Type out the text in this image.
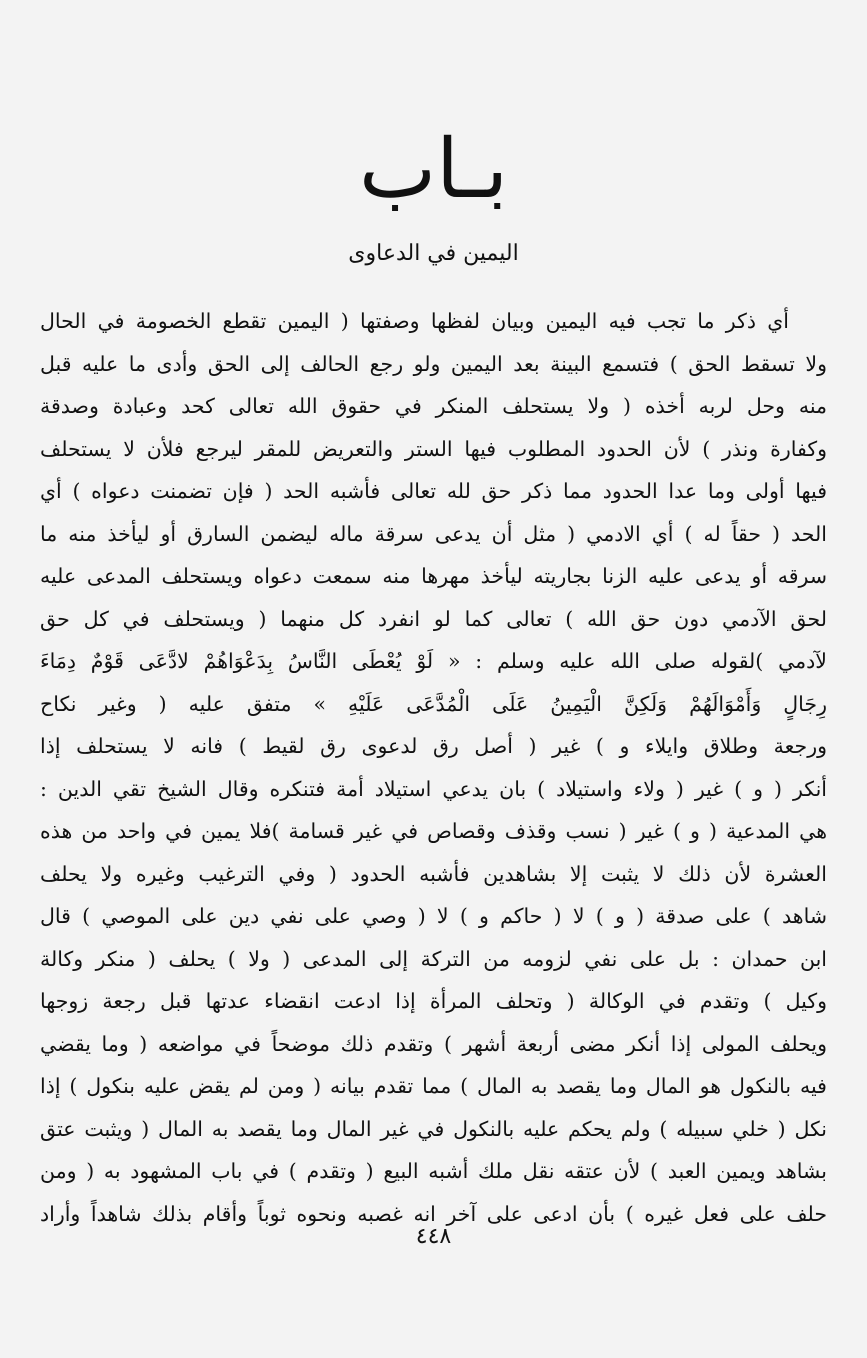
بـاب
اليمين في الدعاوى
أي ذكر ما تجب فيه اليمين وبيان لفظها وصفتها ( اليمين تقطع الخصومة في الحال
ولا تسقط الحق ) فتسمع البينة بعد اليمين ولو رجع الحالف إلى الحق وأدى ما عليه قبل
منه وحل لربه أخذه ( ولا يستحلف المنكر في حقوق الله تعالى كحد وعبادة وصدقة
وكفارة ونذر ) لأن الحدود المطلوب فيها الستر والتعريض للمقر ليرجع فلأن لا يستحلف
فيها أولى وما عدا الحدود مما ذكر حق لله تعالى فأشبه الحد ( فإن تضمنت دعواه ) أي
الحد ( حقاً له ) أي الادمي ( مثل أن يدعى سرقة ماله ليضمن السارق أو ليأخذ منه ما
سرقه أو يدعى عليه الزنا بجاريته ليأخذ مهرها منه سمعت دعواه ويستحلف المدعى عليه
لحق الآدمي دون حق الله ) تعالى كما لو انفرد كل منهما ( ويستحلف في كل حق
لآدمي )لقوله صلى الله عليه وسلم : « لَوْ يُعْطَى النَّاسُ بِدَعْوَاهُمْ لادَّعَى قَوْمٌ دِمَاءَ
رِجَالٍ وَأَمْوَالَهُمْ وَلَكِنَّ الْيَمِينُ عَلَى الْمُدَّعَى عَلَيْهِ » متفق عليه ( وغير نكاح
ورجعة وطلاق وايلاء و ) غير ( أصل رق لدعوى رق لقيط ) فانه لا يستحلف إذا
أنكر ( و ) غير ( ولاء واستيلاد ) بان يدعي استيلاد أمة فتنكره وقال الشيخ تقي الدين :
هي المدعية ( و ) غير ( نسب وقذف وقصاص في غير قسامة )فلا يمين في واحد من هذه
العشرة لأن ذلك لا يثبت إلا بشاهدين فأشبه الحدود ( وفي الترغيب وغيره ولا يحلف
شاهد ) على صدقة ( و ) لا ( حاكم و ) لا ( وصي على نفي دين على الموصي ) قال
ابن حمدان : بل على نفي لزومه من التركة إلى المدعى ( ولا ) يحلف ( منكر وكالة
وكيل ) وتقدم في الوكالة ( وتحلف المرأة إذا ادعت انقضاء عدتها قبل رجعة زوجها
ويحلف المولى إذا أنكر مضى أربعة أشهر ) وتقدم ذلك موضحاً في مواضعه ( وما يقضي
فيه بالنكول هو المال وما يقصد به المال ) مما تقدم بيانه ( ومن لم يقض عليه بنكول ) إذا
نكل ( خلي سبيله ) ولم يحكم عليه بالنكول في غير المال وما يقصد به المال ( ويثبت عتق
بشاهد ويمين العبد ) لأن عتقه نقل ملك أشبه البيع ( وتقدم ) في باب المشهود به ( ومن
حلف على فعل غيره ) بأن ادعى على آخر انه غصبه ونحوه ثوباً وأقام بذلك شاهداً وأراد
٤٤٨
